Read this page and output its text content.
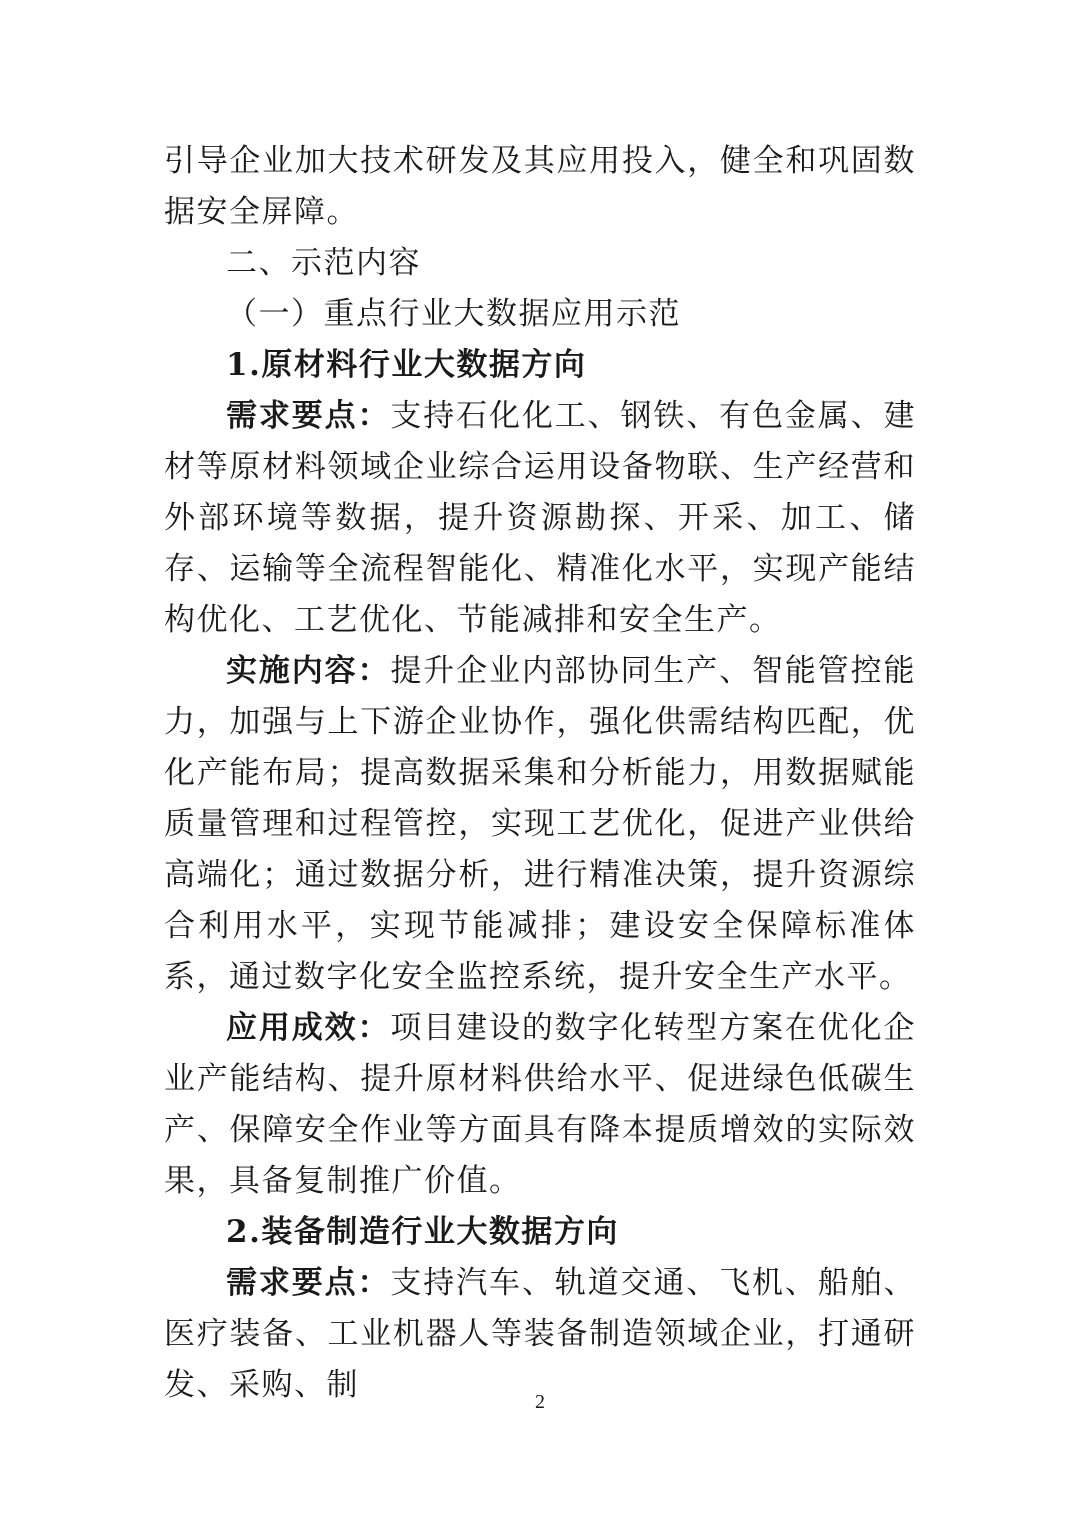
引导企业加大技术研发及其应用投入，健全和巩固数据安全屏障。

二、示范内容

（一）重点行业大数据应用示范

1.原材料行业大数据方向

需求要点：支持石化化工、钢铁、有色金属、建材等原材料领域企业综合运用设备物联、生产经营和外部环境等数据，提升资源勘探、开采、加工、储存、运输等全流程智能化、精准化水平，实现产能结构优化、工艺优化、节能减排和安全生产。

实施内容：提升企业内部协同生产、智能管控能力，加强与上下游企业协作，强化供需结构匹配，优化产能布局；提高数据采集和分析能力，用数据赋能质量管理和过程管控，实现工艺优化，促进产业供给高端化；通过数据分析，进行精准决策，提升资源综合利用水平，实现节能减排；建设安全保障标准体系，通过数字化安全监控系统，提升安全生产水平。

应用成效：项目建设的数字化转型方案在优化企业产能结构、提升原材料供给水平、促进绿色低碳生产、保障安全作业等方面具有降本提质增效的实际效果，具备复制推广价值。

2.装备制造行业大数据方向

需求要点：支持汽车、轨道交通、飞机、船舶、医疗装备、工业机器人等装备制造领域企业，打通研发、采购、制	2
